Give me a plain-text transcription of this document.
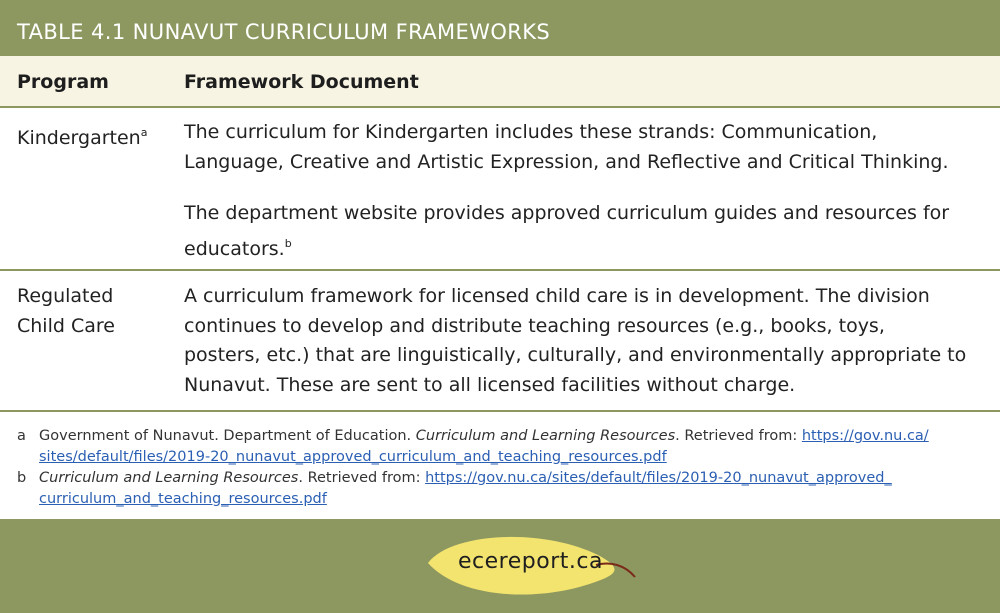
TABLE 4.1 NUNAVUT CURRICULUM FRAMEWORKS
Program	Framework Document
Kindergarten$^a$ The curriculum for Kindergarten includes these strands: Communication,
Language, Creative and Artistic Expression, and Reflective and Critical Thinking.
The department website provides approved curriculum guides and resources for
educators.$^b$
Regulated
Child Care
A curriculum framework for licensed child care is in development. The division
continues to develop and distribute teaching resources (e.g., books, toys,
posters, etc.) that are linguistically, culturally, and environmentally appropriate to
Nunavut. These are sent to all licensed facilities without charge.
a Government of Nunavut. Department of Education. Curriculum and Learning Resources. Retrieved from: https://gov.nu.ca/
sites/default/files/2019-20_nunavut_approved_curriculum_and_teaching_resources.pdf
b Curriculum and Learning Resources. Retrieved from: https://gov.nu.ca/sites/default/files/2019-20_nunavut_approved_
curriculum_and_teaching_resources.pdf
ecereport.ca
